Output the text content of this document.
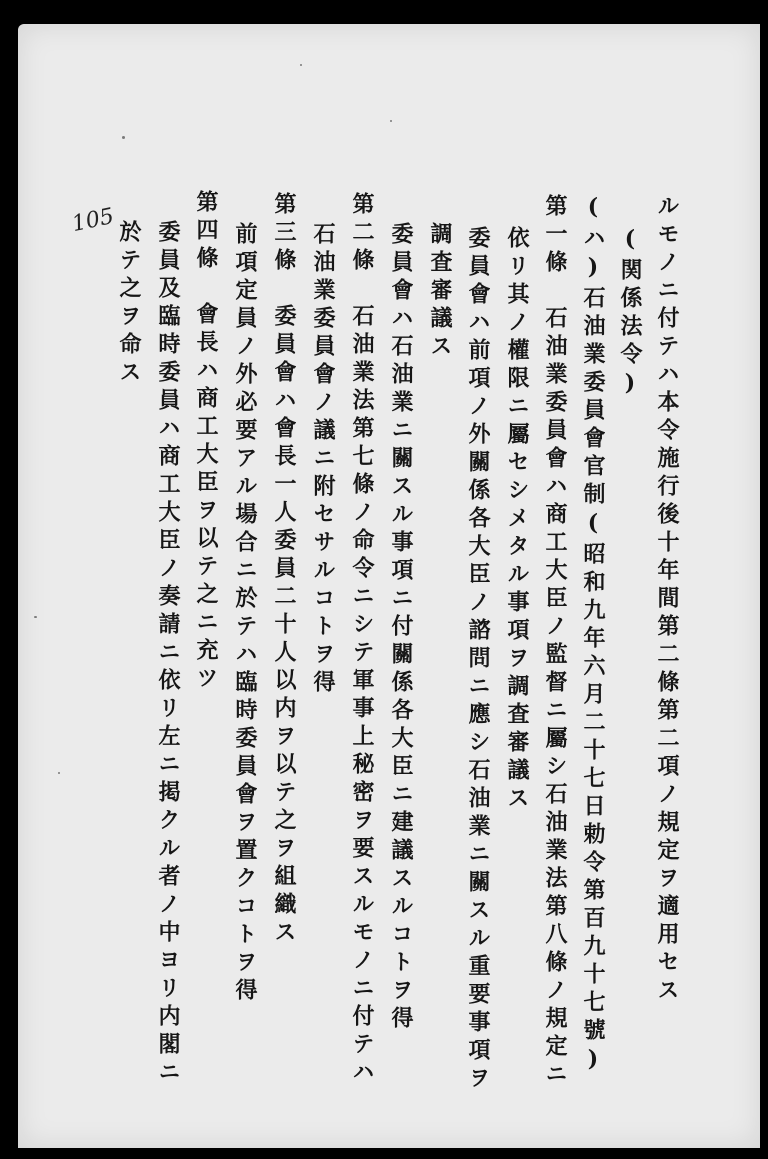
105	ルモノニ付テハ本令施行後十年間第二條第二項ノ規定ヲ適用セス
(関係法令)
(ハ)石油業委員會官制(昭和九年六月二十七日勅令第百九十七號)
第一條　石油業委員會ハ商工大臣ノ監督ニ屬シ石油業法第八條ノ規定ニ
依リ其ノ權限ニ屬セシメタル事項ヲ調査審議ス
委員會ハ前項ノ外關係各大臣ノ諮問ニ應シ石油業ニ關スル重要事項ヲ
調査審議ス
委員會ハ石油業ニ關スル事項ニ付關係各大臣ニ建議スルコトヲ得
第二條　石油業法第七條ノ命令ニシテ軍事上秘密ヲ要スルモノニ付テハ
石油業委員會ノ議ニ附セサルコトヲ得
第三條　委員會ハ會長一人委員二十人以内ヲ以テ之ヲ組織ス
前項定員ノ外必要アル場合ニ於テハ臨時委員會ヲ置クコトヲ得
第四條　會長ハ商工大臣ヲ以テ之ニ充ツ
委員及臨時委員ハ商工大臣ノ奏請ニ依リ左ニ掲クル者ノ中ヨリ内閣ニ
於テ之ヲ命ス
